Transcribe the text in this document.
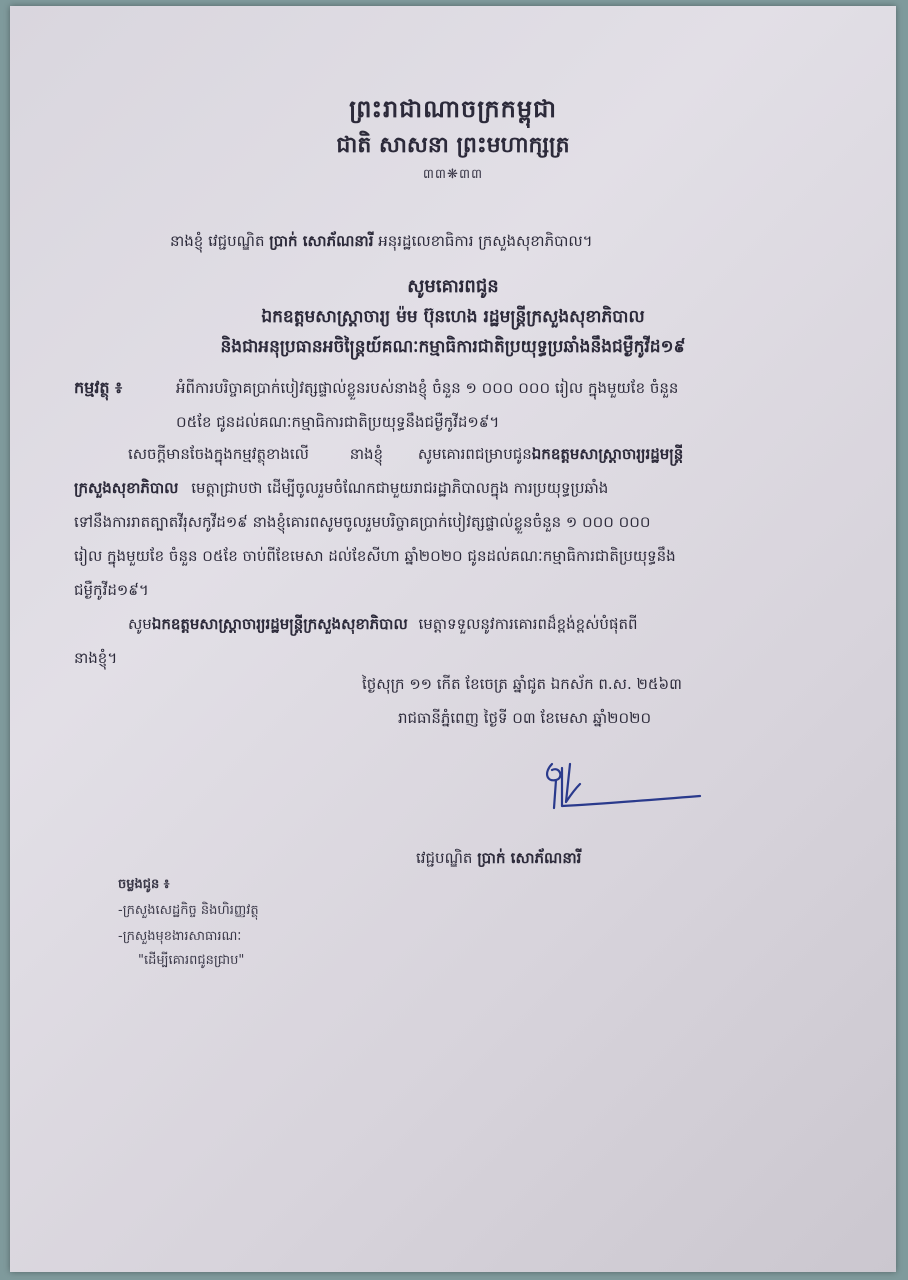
ព្រះរាជាណាចក្រកម្ពុជា
ជាតិ សាសនា ព្រះមហាក្សត្រ
៣៣❋៣៣
នាងខ្ញុំ វេជ្ជបណ្ឌិត ប្រាក់ សោភ័ណនារី អនុរដ្ឋលេខាធិការ ក្រសួងសុខាភិបាល។
សូមគោរពជូន
ឯកឧត្តមសាស្ត្រាចារ្យ ម៉ម ប៊ុនហេង រដ្ឋមន្ត្រីក្រសួងសុខាភិបាល
និងជាអនុប្រធានអចិន្ត្រៃយ៍គណៈកម្មាធិការជាតិប្រយុទ្ធប្រឆាំងនឹងជម្ងឺកូវីដ១៩
កម្មវត្ថុ ៖	អំពីការបរិច្ចាគប្រាក់បៀវត្សផ្ទាល់ខ្លួនរបស់នាងខ្ញុំ ចំនួន ១ ០០០ ០០០ រៀល ក្នុងមួយខែ ចំនួន
០៥ខែ ជូនដល់គណៈកម្មាធិការជាតិប្រយុទ្ធនឹងជម្ងឺកូវីដ១៩។
សេចក្តីមានចែងក្នុងកម្មវត្ថុខាងលើ	នាងខ្ញុំ សូមគោរពជម្រាបជូនឯកឧត្តមសាស្ត្រាចារ្យរដ្ឋមន្ត្រី
ក្រសួងសុខាភិបាល មេត្តាជ្រាបថា ដើម្បីចូលរួមចំណែកជាមួយរាជរដ្ឋាភិបាលក្នុង ការប្រយុទ្ធប្រឆាំង
ទៅនឹងការរាតត្បាតវីរុសកូវីដ១៩ នាងខ្ញុំគោរពសូមចូលរួមបរិច្ចាគប្រាក់បៀវត្សផ្ទាល់ខ្លួនចំនួន ១ ០០០ ០០០
រៀល ក្នុងមួយខែ ចំនួន ០៥ខែ ចាប់ពីខែមេសា ដល់ខែសីហា ឆ្នាំ២០២០ ជូនដល់គណៈកម្មាធិការជាតិប្រយុទ្ធនឹង
ជម្ងឺកូវីដ១៩។
សូមឯកឧត្តមសាស្ត្រាចារ្យរដ្ឋមន្ត្រីក្រសួងសុខាភិបាល មេត្តាទទួលនូវការគោរពដ៏ខ្ពង់ខ្ពស់បំផុតពី
នាងខ្ញុំ។
ថ្ងៃសុក្រ ១១ កើត ខែចេត្រ ឆ្នាំជូត ឯកស័ក ព.ស. ២៥៦៣
រាជធានីភ្នំពេញ ថ្ងៃទី ០៣ ខែមេសា ឆ្នាំ២០២០
វេជ្ជបណ្ឌិត ប្រាក់ សោភ័ណនារី
ចម្លងជូន ៖
-ក្រសួងសេដ្ឋកិច្ច និងហិរញ្ញវត្ថុ
-ក្រសួងមុខងារសាធារណៈ
"ដើម្បីគោរពជូនជ្រាប"
